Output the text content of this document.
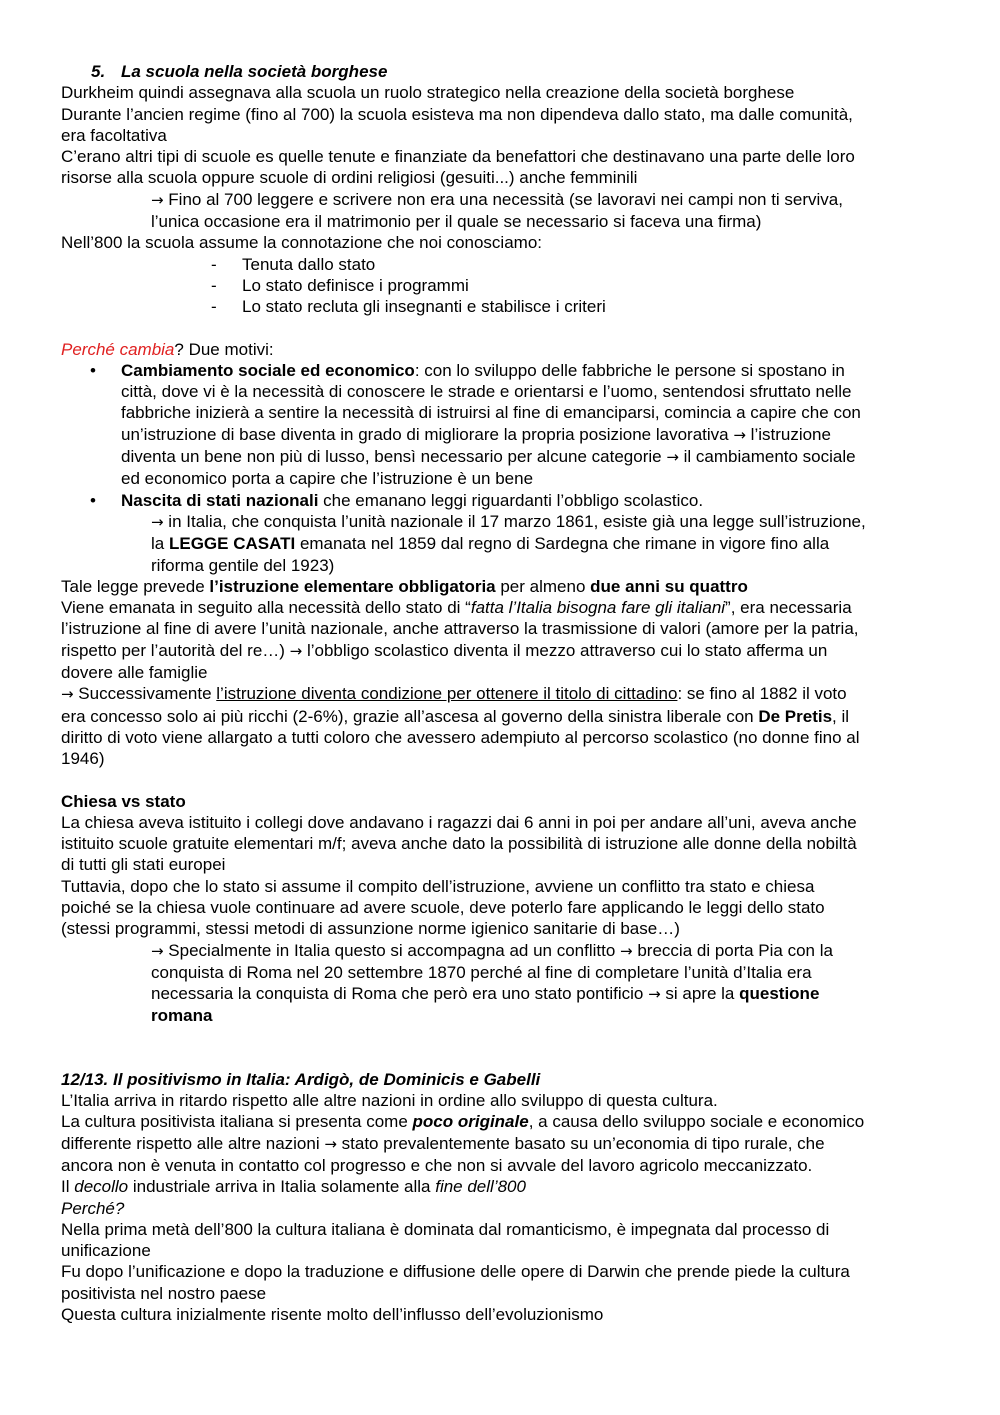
5. La scuola nella società borghese
Durkheim quindi assegnava alla scuola un ruolo strategico nella creazione della società borghese
Durante l’ancien regime (fino al 700) la scuola esisteva ma non dipendeva dallo stato, ma dalle comunità,
era facoltativa
C’erano altri tipi di scuole es quelle tenute e finanziate da benefattori che destinavano una parte delle loro
risorse alla scuola oppure scuole di ordini religiosi (gesuiti...) anche femminili
→ Fino al 700 leggere e scrivere non era una necessità (se lavoravi nei campi non ti serviva,
l’unica occasione era il matrimonio per il quale se necessario si faceva una firma)
Nell’800 la scuola assume la connotazione che noi conosciamo:
- Tenuta dallo stato
- Lo stato definisce i programmi
- Lo stato recluta gli insegnanti e stabilisce i criteri
Perché cambia? Due motivi:
• Cambiamento sociale ed economico: con lo sviluppo delle fabbriche le persone si spostano in
città, dove vi è la necessità di conoscere le strade e orientarsi e l’uomo, sentendosi sfruttato nelle
fabbriche inizierà a sentire la necessità di istruirsi al fine di emanciparsi, comincia a capire che con
un’istruzione di base diventa in grado di migliorare la propria posizione lavorativa → l’istruzione
diventa un bene non più di lusso, bensì necessario per alcune categorie → il cambiamento sociale
ed economico porta a capire che l’istruzione è un bene
• Nascita di stati nazionali che emanano leggi riguardanti l’obbligo scolastico.
→ in Italia, che conquista l’unità nazionale il 17 marzo 1861, esiste già una legge sull’istruzione,
la LEGGE CASATI emanata nel 1859 dal regno di Sardegna che rimane in vigore fino alla
riforma gentile del 1923)
Tale legge prevede l’istruzione elementare obbligatoria per almeno due anni su quattro
Viene emanata in seguito alla necessità dello stato di “fatta l’Italia bisogna fare gli italiani”, era necessaria
l’istruzione al fine di avere l’unità nazionale, anche attraverso la trasmissione di valori (amore per la patria,
rispetto per l’autorità del re…) → l’obbligo scolastico diventa il mezzo attraverso cui lo stato afferma un
dovere alle famiglie
→ Successivamente l’istruzione diventa condizione per ottenere il titolo di cittadino: se fino al 1882 il voto
era concesso solo ai più ricchi (2-6%), grazie all’ascesa al governo della sinistra liberale con De Pretis, il
diritto di voto viene allargato a tutti coloro che avessero adempiuto al percorso scolastico (no donne fino al
1946)
Chiesa vs stato
La chiesa aveva istituito i collegi dove andavano i ragazzi dai 6 anni in poi per andare all’uni, aveva anche
istituito scuole gratuite elementari m/f; aveva anche dato la possibilità di istruzione alle donne della nobiltà
di tutti gli stati europei
Tuttavia, dopo che lo stato si assume il compito dell’istruzione, avviene un conflitto tra stato e chiesa
poiché se la chiesa vuole continuare ad avere scuole, deve poterlo fare applicando le leggi dello stato
(stessi programmi, stessi metodi di assunzione norme igienico sanitarie di base…)
→ Specialmente in Italia questo si accompagna ad un conflitto → breccia di porta Pia con la
conquista di Roma nel 20 settembre 1870 perché al fine di completare l’unità d’Italia era
necessaria la conquista di Roma che però era uno stato pontificio → si apre la questione
romana
12/13. Il positivismo in Italia: Ardigò, de Dominicis e Gabelli
L’Italia arriva in ritardo rispetto alle altre nazioni in ordine allo sviluppo di questa cultura.
La cultura positivista italiana si presenta come poco originale, a causa dello sviluppo sociale e economico
differente rispetto alle altre nazioni → stato prevalentemente basato su un’economia di tipo rurale, che
ancora non è venuta in contatto col progresso e che non si avvale del lavoro agricolo meccanizzato.
Il decollo industriale arriva in Italia solamente alla fine dell’800
Perché?
Nella prima metà dell’800 la cultura italiana è dominata dal romanticismo, è impegnata dal processo di
unificazione
Fu dopo l’unificazione e dopo la traduzione e diffusione delle opere di Darwin che prende piede la cultura
positivista nel nostro paese
Questa cultura inizialmente risente molto dell’influsso dell’evoluzionismo
